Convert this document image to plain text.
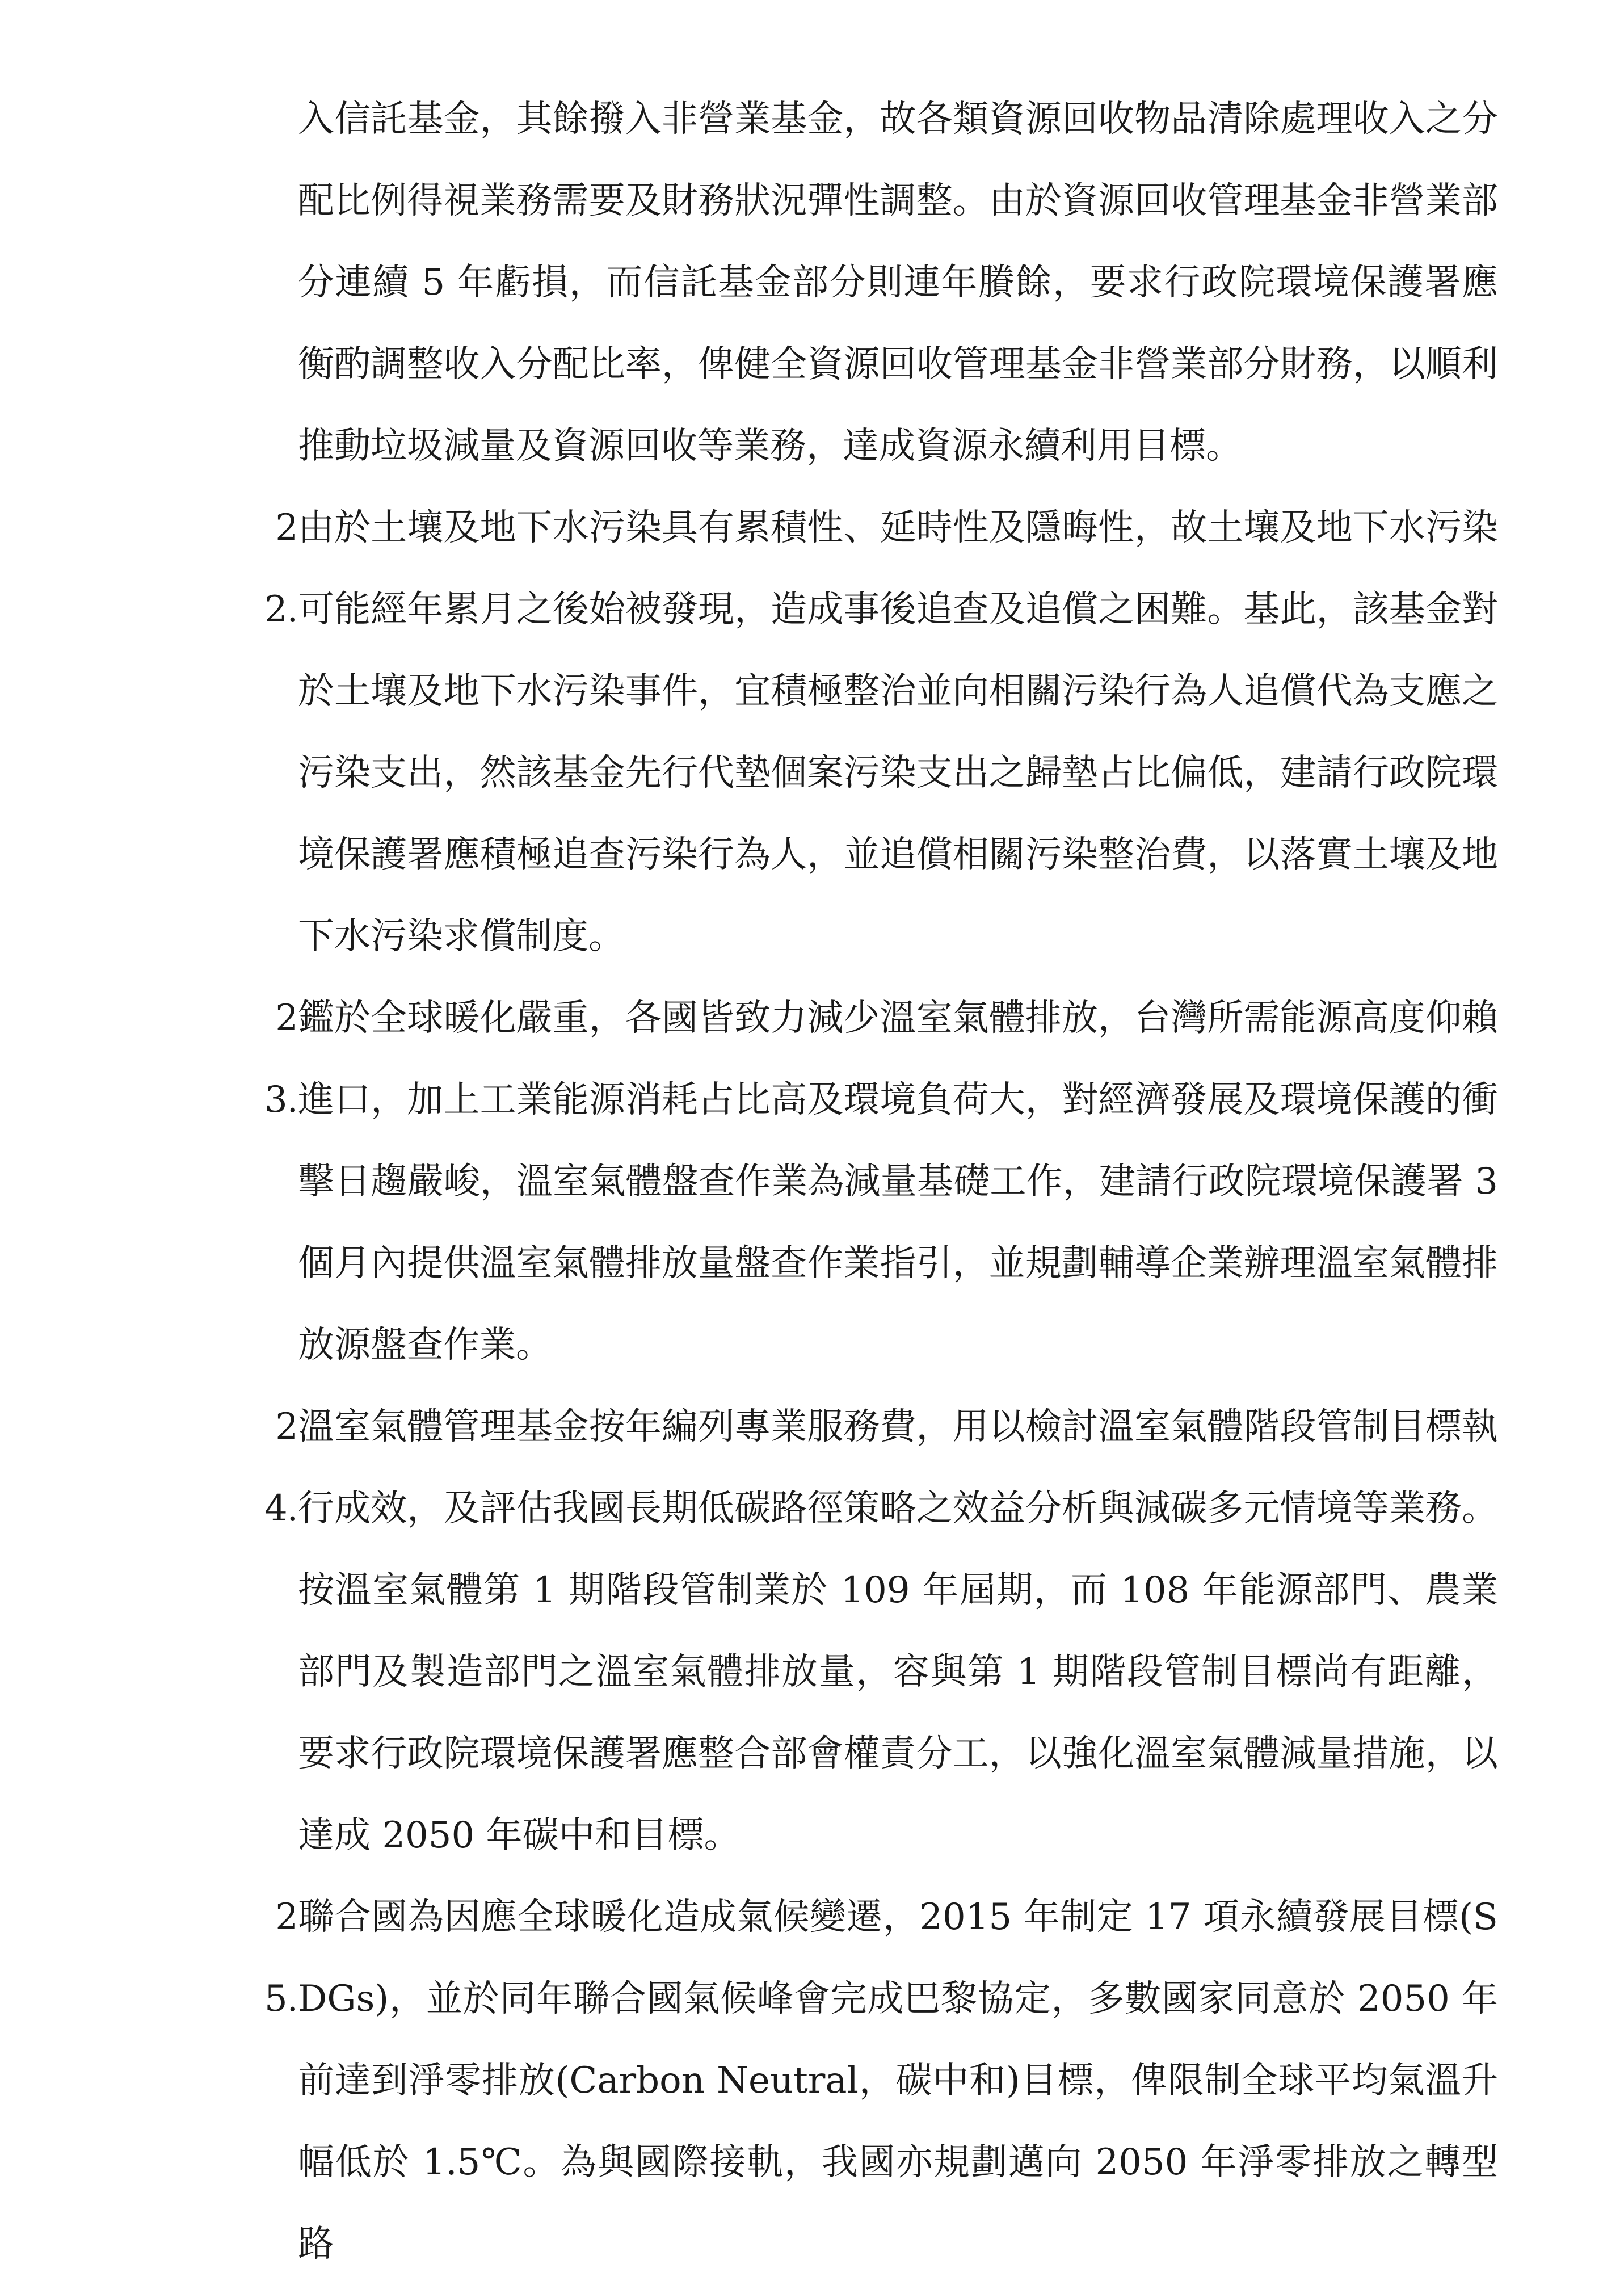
入信託基金，其餘撥入非營業基金，故各類資源回收物品清除處理收入之分配比例得視業務需要及財務狀況彈性調整。由於資源回收管理基金非營業部分連續 5 年虧損，而信託基金部分則連年賸餘，要求行政院環境保護署應衡酌調整收入分配比率，俾健全資源回收管理基金非營業部分財務，以順利推動垃圾減量及資源回收等業務，達成資源永續利用目標。

22.
由於土壤及地下水污染具有累積性、延時性及隱晦性，故土壤及地下水污染可能經年累月之後始被發現，造成事後追查及追償之困難。基此，該基金對於土壤及地下水污染事件，宜積極整治並向相關污染行為人追償代為支應之污染支出，然該基金先行代墊個案污染支出之歸墊占比偏低，建請行政院環境保護署應積極追查污染行為人，並追償相關污染整治費，以落實土壤及地下水污染求償制度。

23.
鑑於全球暖化嚴重，各國皆致力減少溫室氣體排放，台灣所需能源高度仰賴進口，加上工業能源消耗占比高及環境負荷大，對經濟發展及環境保護的衝擊日趨嚴峻，溫室氣體盤查作業為減量基礎工作，建請行政院環境保護署 3 個月內提供溫室氣體排放量盤查作業指引，並規劃輔導企業辦理溫室氣體排放源盤查作業。

24.
溫室氣體管理基金按年編列專業服務費，用以檢討溫室氣體階段管制目標執行成效，及評估我國長期低碳路徑策略之效益分析與減碳多元情境等業務。按溫室氣體第 1 期階段管制業於 109 年屆期，而 108 年能源部門、農業部門及製造部門之溫室氣體排放量，容與第 1 期階段管制目標尚有距離，要求行政院環境保護署應整合部會權責分工，以強化溫室氣體減量措施，以達成 2050 年碳中和目標。

25.
聯合國為因應全球暖化造成氣候變遷，2015 年制定 17 項永續發展目標(SDGs)，並於同年聯合國氣候峰會完成巴黎協定，多數國家同意於 2050 年前達到淨零排放(Carbon Neutral，碳中和)目標，俾限制全球平均氣溫升幅低於 1.5℃。為與國際接軌，我國亦規劃邁向 2050 年淨零排放之轉型路
